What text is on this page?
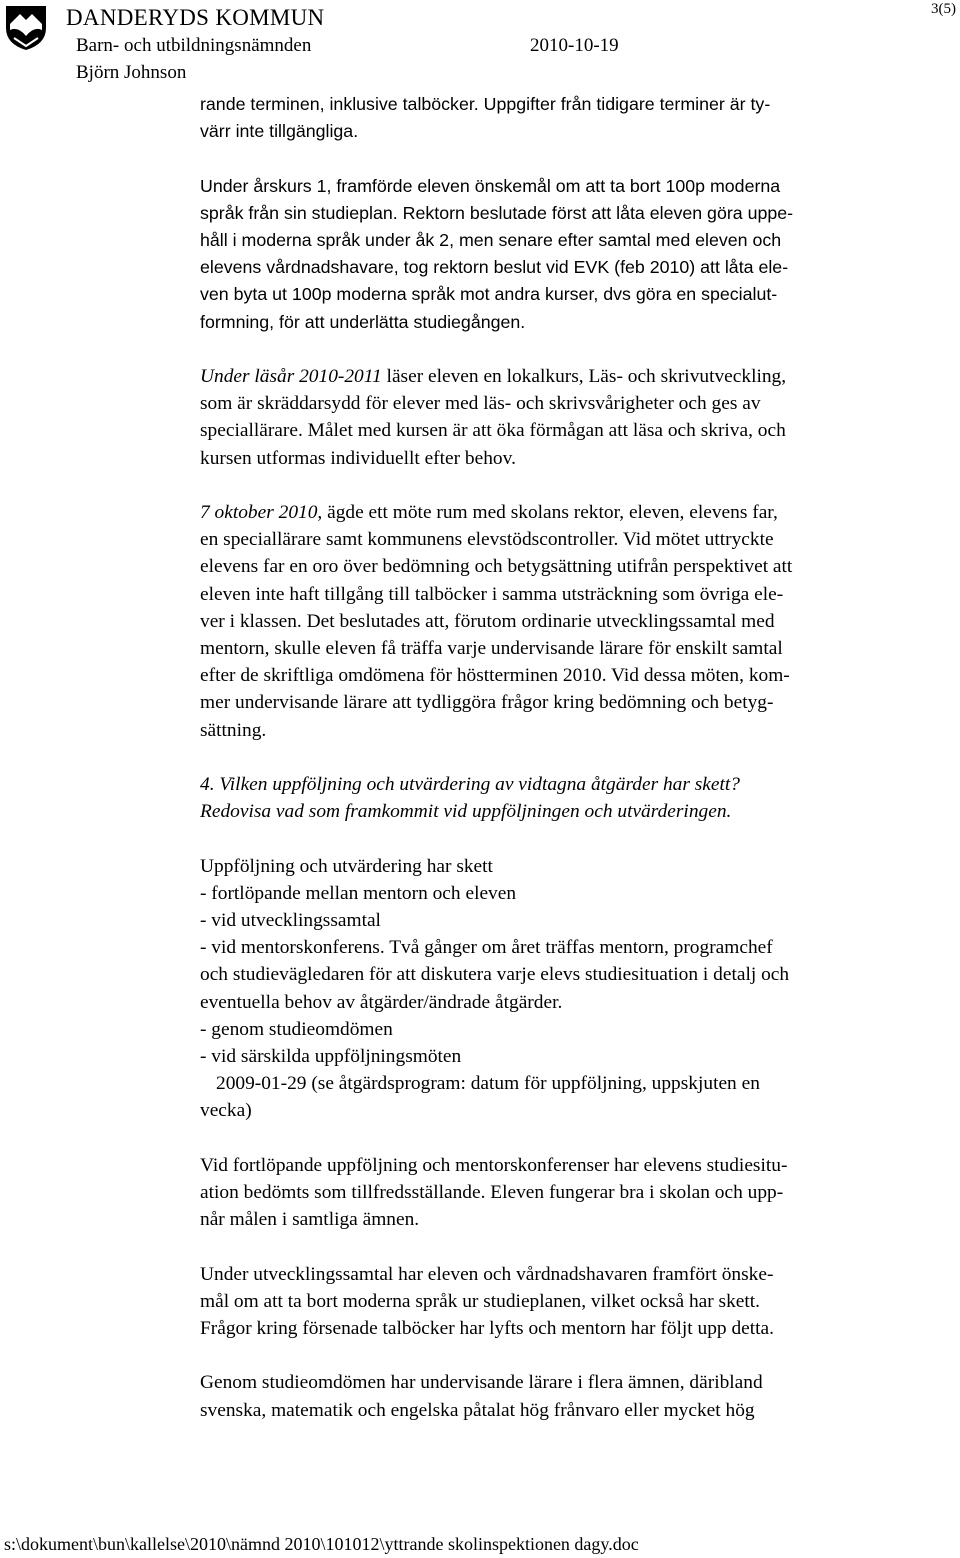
DANDERYDS KOMMUN
Barn- och utbildningsnämnden	2010-10-19
Björn Johnson
3(5)
rande terminen, inklusive talböcker. Uppgifter från tidigare terminer är ty-
värr inte tillgängliga.
Under årskurs 1, framförde eleven önskemål om att ta bort 100p moderna
språk från sin studieplan. Rektorn beslutade först att låta eleven göra uppe-
håll i moderna språk under åk 2, men senare efter samtal med eleven och
elevens vårdnadshavare, tog rektorn beslut vid EVK (feb 2010) att låta ele-
ven byta ut 100p moderna språk mot andra kurser, dvs göra en specialut-
formning, för att underlätta studiegången.
Under läsår 2010-2011 läser eleven en lokalkurs, Läs- och skrivutveckling,
som är skräddarsydd för elever med läs- och skrivsvårigheter och ges av
speciallärare. Målet med kursen är att öka förmågan att läsa och skriva, och
kursen utformas individuellt efter behov.
7 oktober 2010, ägde ett möte rum med skolans rektor, eleven, elevens far,
en speciallärare samt kommunens elevstödscontroller. Vid mötet uttryckte
elevens far en oro över bedömning och betygsättning utifrån perspektivet att
eleven inte haft tillgång till talböcker i samma utsträckning som övriga ele-
ver i klassen. Det beslutades att, förutom ordinarie utvecklingssamtal med
mentorn, skulle eleven få träffa varje undervisande lärare för enskilt samtal
efter de skriftliga omdömena för höstterminen 2010. Vid dessa möten, kom-
mer undervisande lärare att tydliggöra frågor kring bedömning och betyg-
sättning.
4. Vilken uppföljning och utvärdering av vidtagna åtgärder har skett?
Redovisa vad som framkommit vid uppföljningen och utvärderingen.
Uppföljning och utvärdering har skett
- fortlöpande mellan mentorn och eleven
- vid utvecklingssamtal
- vid mentorskonferens. Två gånger om året träffas mentorn, programchef
och studievägledaren för att diskutera varje elevs studiesituation i detalj och
eventuella behov av åtgärder/ändrade åtgärder.
- genom studieomdömen
- vid särskilda uppföljningsmöten
2009-01-29 (se åtgärdsprogram: datum för uppföljning, uppskjuten en
vecka)
Vid fortlöpande uppföljning och mentorskonferenser har elevens studiesitu-
ation bedömts som tillfredsställande. Eleven fungerar bra i skolan och upp-
når målen i samtliga ämnen.
Under utvecklingssamtal har eleven och vårdnadshavaren framfört önske-
mål om att ta bort moderna språk ur studieplanen, vilket också har skett.
Frågor kring försenade talböcker har lyfts och mentorn har följt upp detta.
Genom studieomdömen har undervisande lärare i flera ämnen, däribland
svenska, matematik och engelska påtalat hög frånvaro eller mycket hög
s:\dokument\bun\kallelse\2010\nämnd 2010\101012\yttrande skolinspektionen dagy.doc
